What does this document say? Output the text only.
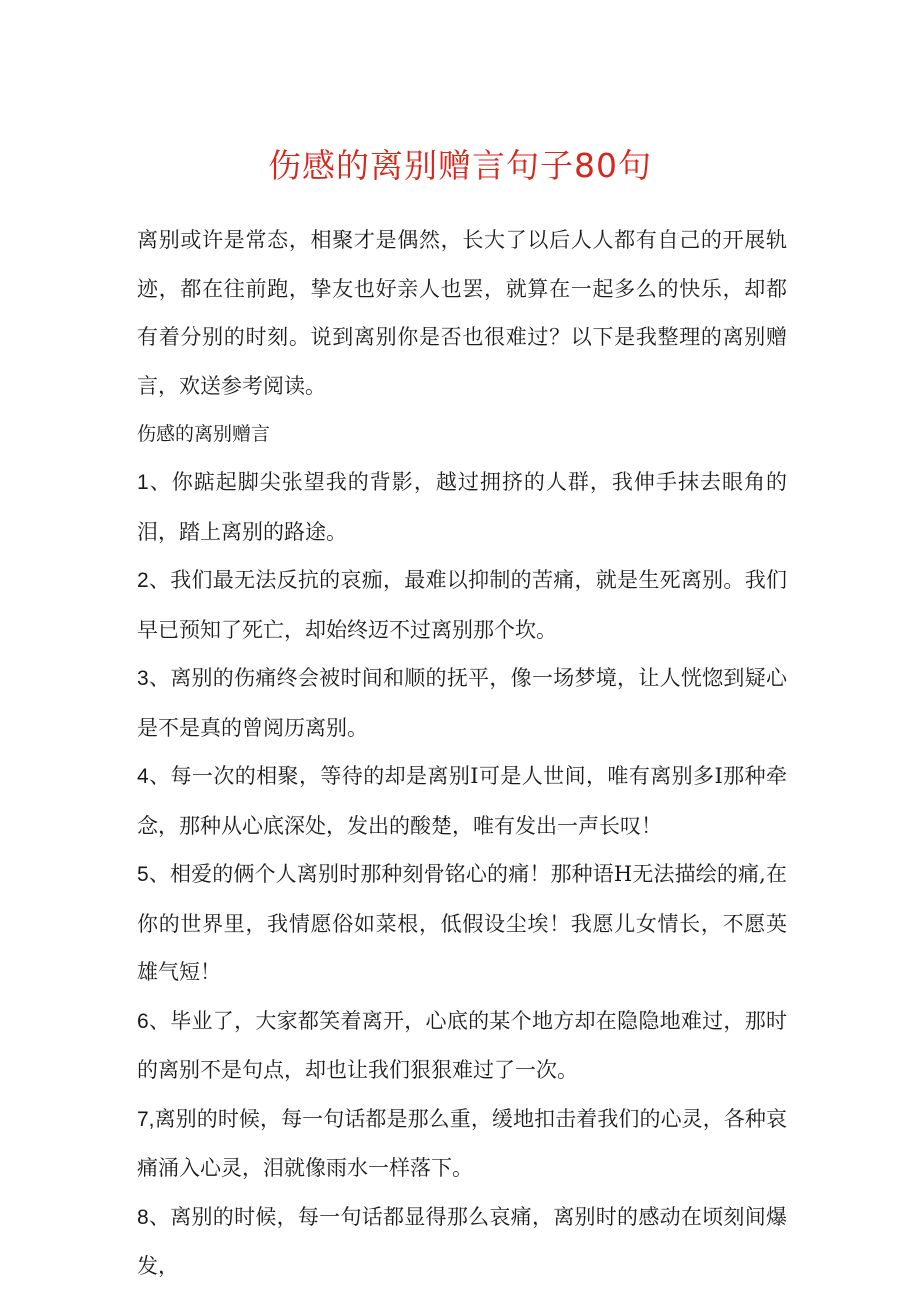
伤感的离别赠言句子80句

离别或许是常态，相聚才是偶然，长大了以后人人都有自己的开展轨迹，都在往前跑，挚友也好亲人也罢，就算在一起多么的快乐，却都有着分别的时刻。说到离别你是否也很难过？以下是我整理的离别赠言，欢送参考阅读。

伤感的离别赠言

1、你踮起脚尖张望我的背影，越过拥挤的人群，我伸手抹去眼角的泪，踏上离别的路途。

2、我们最无法反抗的哀痂，最难以抑制的苦痛，就是生死离别。我们早已预知了死亡，却始终迈不过离别那个坎。

3、离别的伤痛终会被时间和顺的抚平，像一场梦境，让人恍惚到疑心是不是真的曾阅历离别。

4、每一次的相聚，等待的却是离别I可是人世间，唯有离别多I那种牵念，那种从心底深处，发出的酸楚，唯有发出一声长叹！

5、相爱的俩个人离别时那种刻骨铭心的痛！那种语H无法描绘的痛,在你的世界里，我情愿俗如菜根，低假设尘埃！我愿儿女情长，不愿英雄气短！

6、毕业了，大家都笑着离开，心底的某个地方却在隐隐地难过，那时的离别不是句点，却也让我们狠狠难过了一次。

7,离别的时候，每一句话都是那么重，缓地扣击着我们的心灵，各种哀痛涌入心灵，泪就像雨水一样落下。

8、离别的时候，每一句话都显得那么哀痛，离别时的感动在顷刻间爆发，
